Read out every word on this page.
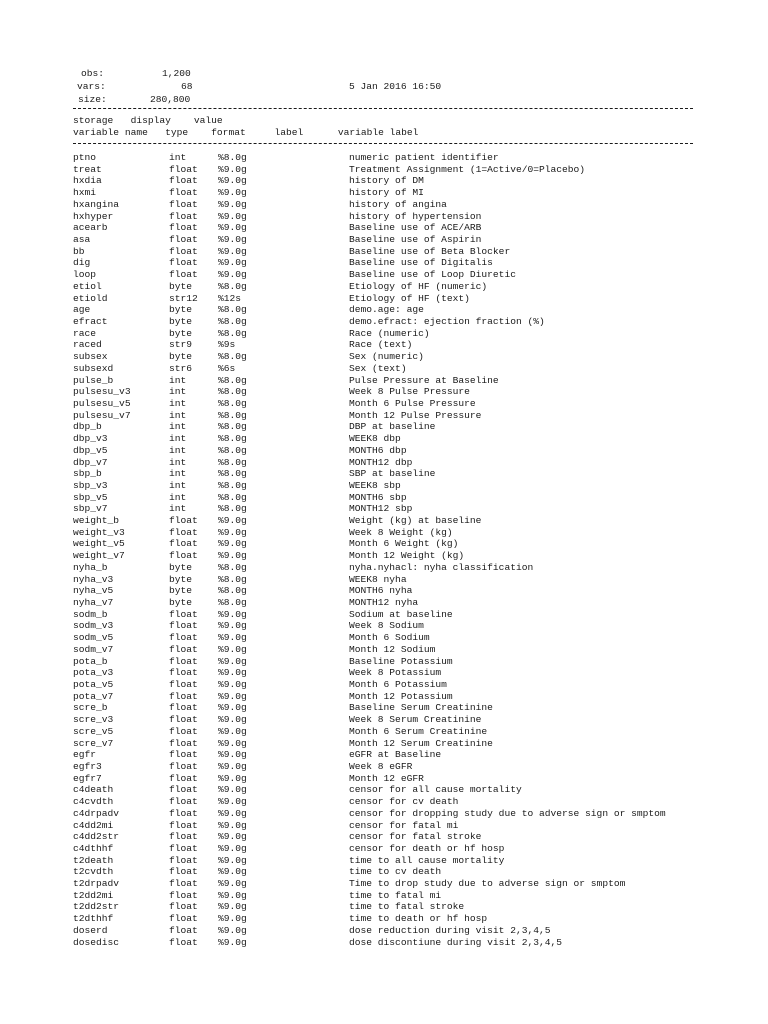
obs:	1,200
vars:	68	5 Jan 2016 16:50
size:	280,800
storage   display    value
variable name   type    format     label      variable label
ptno	int	%8.0g	numeric patient identifier
treat	float %9.0g	Treatment Assignment (1=Active/0=Placebo)
hxdia	float %9.0g	history of DM
hxmi	float %9.0g	history of MI
hxangina	float %9.0g	history of angina
hxhyper	float %9.0g	history of hypertension
acearb	float %9.0g	Baseline use of ACE/ARB
asa	float %9.0g	Baseline use of Aspirin
bb	float %9.0g	Baseline use of Beta Blocker
dig	float %9.0g	Baseline use of Digitalis
loop	float %9.0g	Baseline use of Loop Diuretic
etiol	byte	%8.0g	Etiology of HF (numeric)
etiold	str12 %12s	Etiology of HF (text)
age	byte	%8.0g	demo.age: age
efract	byte	%8.0g	demo.efract: ejection fraction (%)
race	byte	%8.0g	Race (numeric)
raced	str9	%9s	Race (text)
subsex	byte	%8.0g	Sex (numeric)
subsexd	str6	%6s	Sex (text)
pulse_b	int	%8.0g	Pulse Pressure at Baseline
pulsesu_v3	int	%8.0g	Week 8 Pulse Pressure
pulsesu_v5	int	%8.0g	Month 6 Pulse Pressure
pulsesu_v7	int	%8.0g	Month 12 Pulse Pressure
dbp_b	int	%8.0g	DBP at baseline
dbp_v3	int	%8.0g	WEEK8 dbp
dbp_v5	int	%8.0g	MONTH6 dbp
dbp_v7	int	%8.0g	MONTH12 dbp
sbp_b	int	%8.0g	SBP at baseline
sbp_v3	int	%8.0g	WEEK8 sbp
sbp_v5	int	%8.0g	MONTH6 sbp
sbp_v7	int	%8.0g	MONTH12 sbp
weight_b	float %9.0g	Weight (kg) at baseline
weight_v3	float %9.0g	Week 8 Weight (kg)
weight_v5	float %9.0g	Month 6 Weight (kg)
weight_v7	float %9.0g	Month 12 Weight (kg)
nyha_b	byte	%8.0g	nyha.nyhacl: nyha classification
nyha_v3	byte	%8.0g	WEEK8 nyha
nyha_v5	byte	%8.0g	MONTH6 nyha
nyha_v7	byte	%8.0g	MONTH12 nyha
sodm_b	float %9.0g	Sodium at baseline
sodm_v3	float %9.0g	Week 8 Sodium
sodm_v5	float %9.0g	Month 6 Sodium
sodm_v7	float %9.0g	Month 12 Sodium
pota_b	float %9.0g	Baseline Potassium
pota_v3	float %9.0g	Week 8 Potassium
pota_v5	float %9.0g	Month 6 Potassium
pota_v7	float %9.0g	Month 12 Potassium
scre_b	float %9.0g	Baseline Serum Creatinine
scre_v3	float %9.0g	Week 8 Serum Creatinine
scre_v5	float %9.0g	Month 6 Serum Creatinine
scre_v7	float %9.0g	Month 12 Serum Creatinine
egfr	float %9.0g	eGFR at Baseline
egfr3	float %9.0g	Week 8 eGFR
egfr7	float %9.0g	Month 12 eGFR
c4death	float %9.0g	censor for all cause mortality
c4cvdth	float %9.0g	censor for cv death
c4drpadv	float %9.0g	censor for dropping study due to adverse sign or smptom
c4dd2mi	float %9.0g	censor for fatal mi
c4dd2str	float %9.0g	censor for fatal stroke
c4dthhf	float %9.0g	censor for death or hf hosp
t2death	float %9.0g	time to all cause mortality
t2cvdth	float %9.0g	time to cv death
t2drpadv	float %9.0g	Time to drop study due to adverse sign or smptom
t2dd2mi	float %9.0g	time to fatal mi
t2dd2str	float %9.0g	time to fatal stroke
t2dthhf	float %9.0g	time to death or hf hosp
doserd	float %9.0g	dose reduction during visit 2,3,4,5
dosedisc	float %9.0g	dose discontiune during visit 2,3,4,5
